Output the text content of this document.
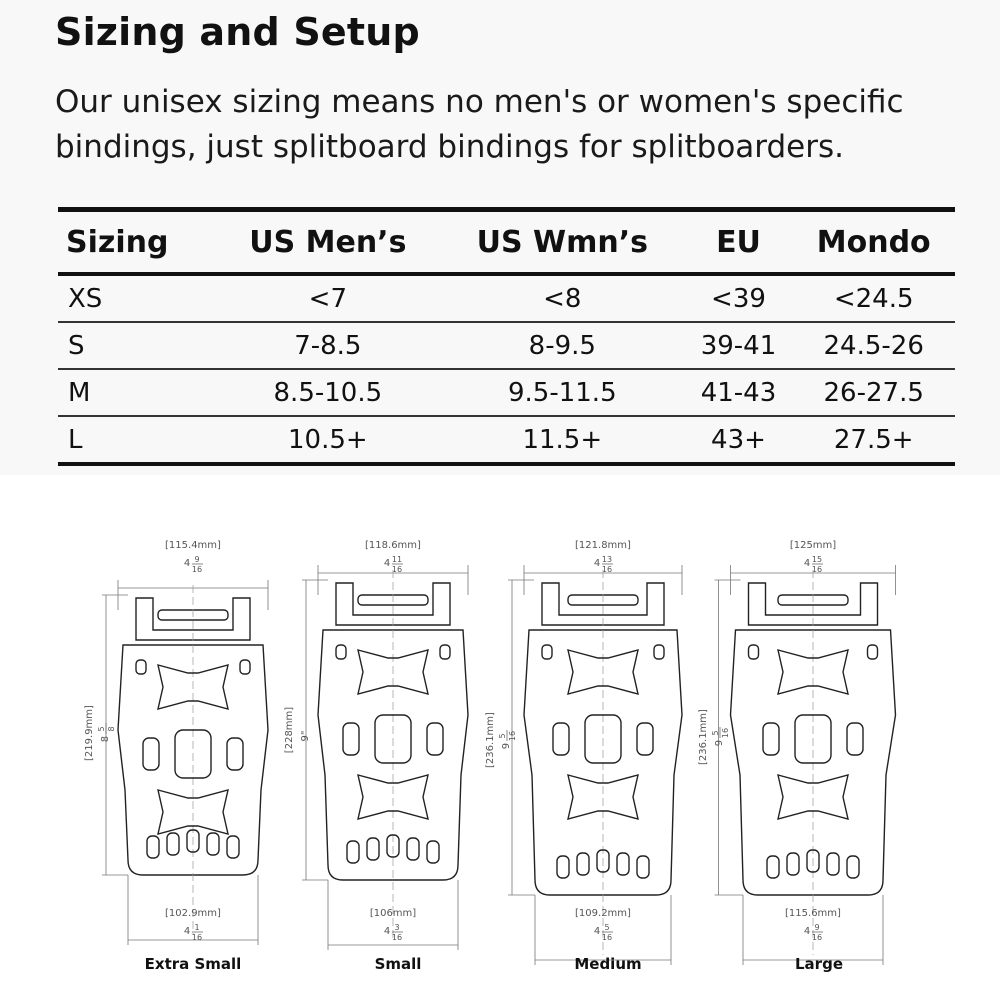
Sizing and Setup
Our unisex sizing means no men's or women's specific bindings, just splitboard bindings for splitboarders.
Sizing	US Men’s	US Wmn’s	EU	Mondo
XS	<7	<8	<39	<24.5
S	7-8.5	8-9.5	39-41	24.5-26
M	8.5-10.5	9.5-11.5	41-43	26-27.5
L	10.5+	11.5+	43+	27.5+
[115.4mm]
4 9
16
[102.9mm]
4 1
16
[219.9mm] 8
5 8
[118.6mm]
4 11
16
[106mm]
4 3
16
[228mm] 9"
[121.8mm]
4 13
16
[109.2mm]
4 5
16
[236.1mm] 9
5 16
[125mm]
4 15
16
[115.6mm]
4 9
16
[236.1mm] 9
5 16
Extra Small	Small	Medium	Large
